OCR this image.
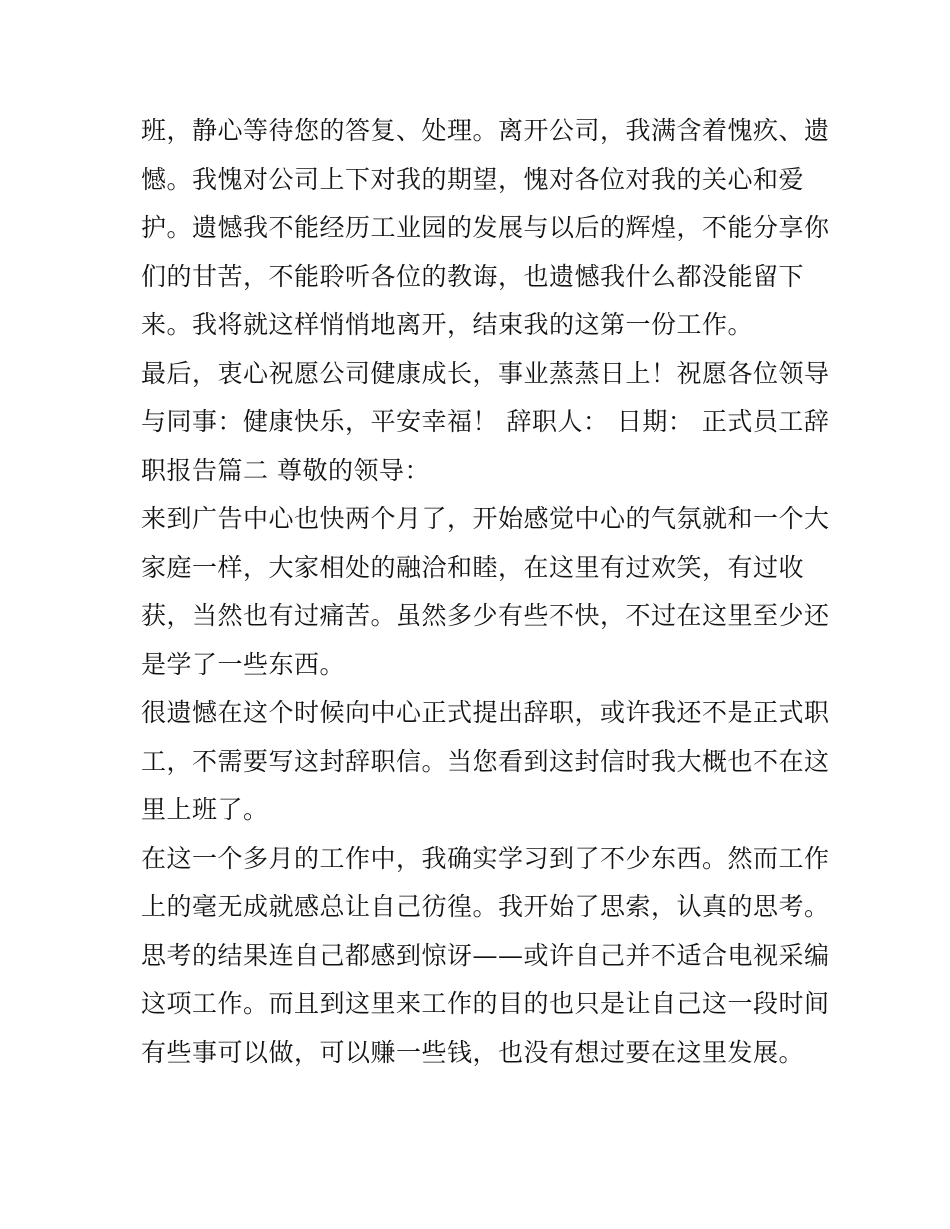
班，静心等待您的答复、处理。离开公司，我满含着愧疚、遗
憾。我愧对公司上下对我的期望，愧对各位对我的关心和爱
护。遗憾我不能经历工业园的发展与以后的辉煌，不能分享你
们的甘苦，不能聆听各位的教诲，也遗憾我什么都没能留下
来。我将就这样悄悄地离开，结束我的这第一份工作。
最后，衷心祝愿公司健康成长，事业蒸蒸日上！祝愿各位领导
与同事：健康快乐，平安幸福！ 辞职人： 日期： 正式员工辞
职报告篇二 尊敬的领导：
来到广告中心也快两个月了，开始感觉中心的气氛就和一个大
家庭一样，大家相处的融洽和睦，在这里有过欢笑，有过收
获，当然也有过痛苦。虽然多少有些不快，不过在这里至少还
是学了一些东西。
很遗憾在这个时候向中心正式提出辞职，或许我还不是正式职
工，不需要写这封辞职信。当您看到这封信时我大概也不在这
里上班了。
在这一个多月的工作中，我确实学习到了不少东西。然而工作
上的毫无成就感总让自己彷徨。我开始了思索，认真的思考。
思考的结果连自己都感到惊讶——或许自己并不适合电视采编
这项工作。而且到这里来工作的目的也只是让自己这一段时间
有些事可以做，可以赚一些钱，也没有想过要在这里发展。
